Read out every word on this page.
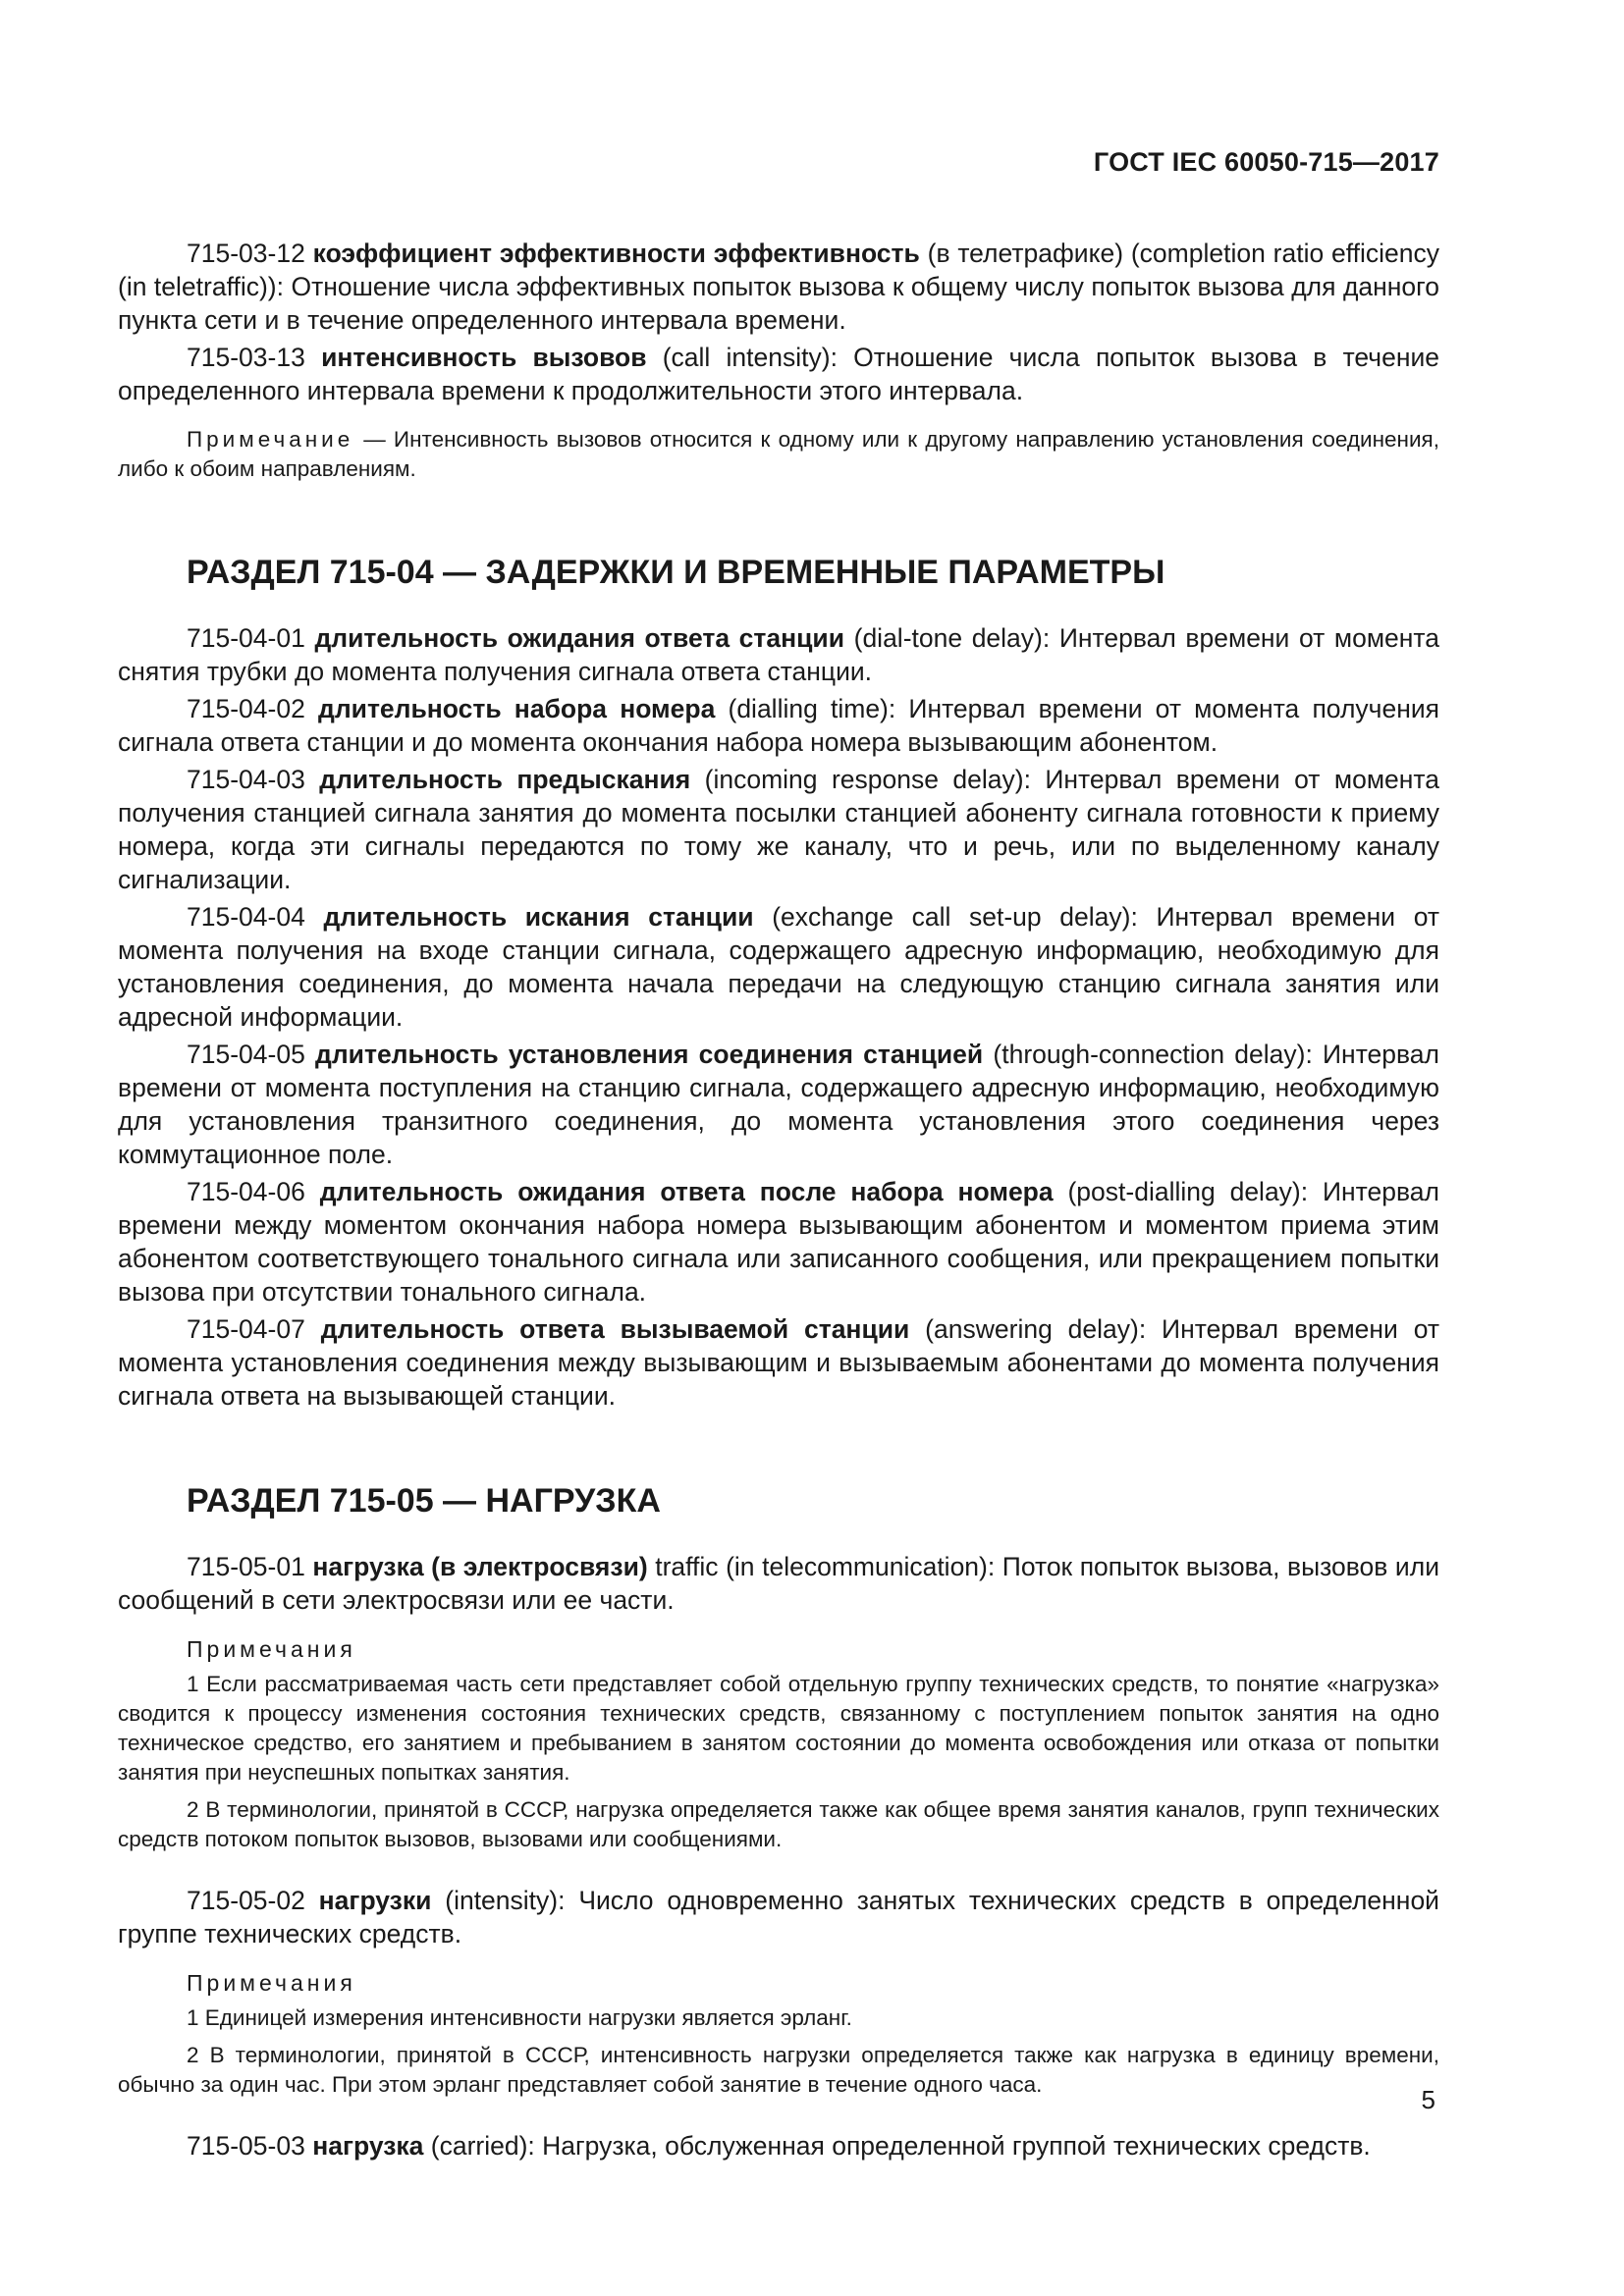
ГОСТ IEC 60050-715—2017

715-03-12 коэффициент эффективности эффективность (в телетрафике) (completion ratio efficiency (in teletraffic)): Отношение числа эффективных попыток вызова к общему числу попыток вызова для данного пункта сети и в течение определенного интервала времени.

715-03-13 интенсивность вызовов (call intensity): Отношение числа попыток вызова в течение определенного интервала времени к продолжительности этого интервала.

Примечание — Интенсивность вызовов относится к одному или к другому направлению установления соединения, либо к обоим направлениям.

РАЗДЕЛ 715-04 — ЗАДЕРЖКИ И ВРЕМЕННЫЕ ПАРАМЕТРЫ

715-04-01 длительность ожидания ответа станции (dial-tone delay): Интервал времени от момента снятия трубки до момента получения сигнала ответа станции.

715-04-02 длительность набора номера (dialling time): Интервал времени от момента получения сигнала ответа станции и до момента окончания набора номера вызывающим абонентом.

715-04-03 длительность предыскания (incoming response delay): Интервал времени от момента получения станцией сигнала занятия до момента посылки станцией абоненту сигнала готовности к приему номера, когда эти сигналы передаются по тому же каналу, что и речь, или по выделенному каналу сигнализации.

715-04-04 длительность искания станции (exchange call set-up delay): Интервал времени от момента получения на входе станции сигнала, содержащего адресную информацию, необходимую для установления соединения, до момента начала передачи на следующую станцию сигнала занятия или адресной информации.

715-04-05 длительность установления соединения станцией (through-connection delay): Интервал времени от момента поступления на станцию сигнала, содержащего адресную информацию, необходимую для установления транзитного соединения, до момента установления этого соединения через коммутационное поле.

715-04-06 длительность ожидания ответа после набора номера (post-dialling delay): Интервал времени между моментом окончания набора номера вызывающим абонентом и моментом приема этим абонентом соответствующего тонального сигнала или записанного сообщения, или прекращением попытки вызова при отсутствии тонального сигнала.

715-04-07 длительность ответа вызываемой станции (answering delay): Интервал времени от момента установления соединения между вызывающим и вызываемым абонентами до момента получения сигнала ответа на вызывающей станции.

РАЗДЕЛ 715-05 — НАГРУЗКА

715-05-01 нагрузка (в электросвязи) traffic (in telecommunication): Поток попыток вызова, вызовов или сообщений в сети электросвязи или ее части.

Примечания

1 Если рассматриваемая часть сети представляет собой отдельную группу технических средств, то понятие «нагрузка» сводится к процессу изменения состояния технических средств, связанному с поступлением попыток занятия на одно техническое средство, его занятием и пребыванием в занятом состоянии до момента освобождения или отказа от попытки занятия при неуспешных попытках занятия.

2 В терминологии, принятой в СССР, нагрузка определяется также как общее время занятия каналов, групп технических средств потоком попыток вызовов, вызовами или сообщениями.

715-05-02 нагрузки (intensity): Число одновременно занятых технических средств в определенной группе технических средств.

Примечания

1 Единицей измерения интенсивности нагрузки является эрланг.

2 В терминологии, принятой в СССР, интенсивность нагрузки определяется также как нагрузка в единицу времени, обычно за один час. При этом эрланг представляет собой занятие в течение одного часа.

715-05-03 нагрузка (carried): Нагрузка, обслуженная определенной группой технических средств.

5
